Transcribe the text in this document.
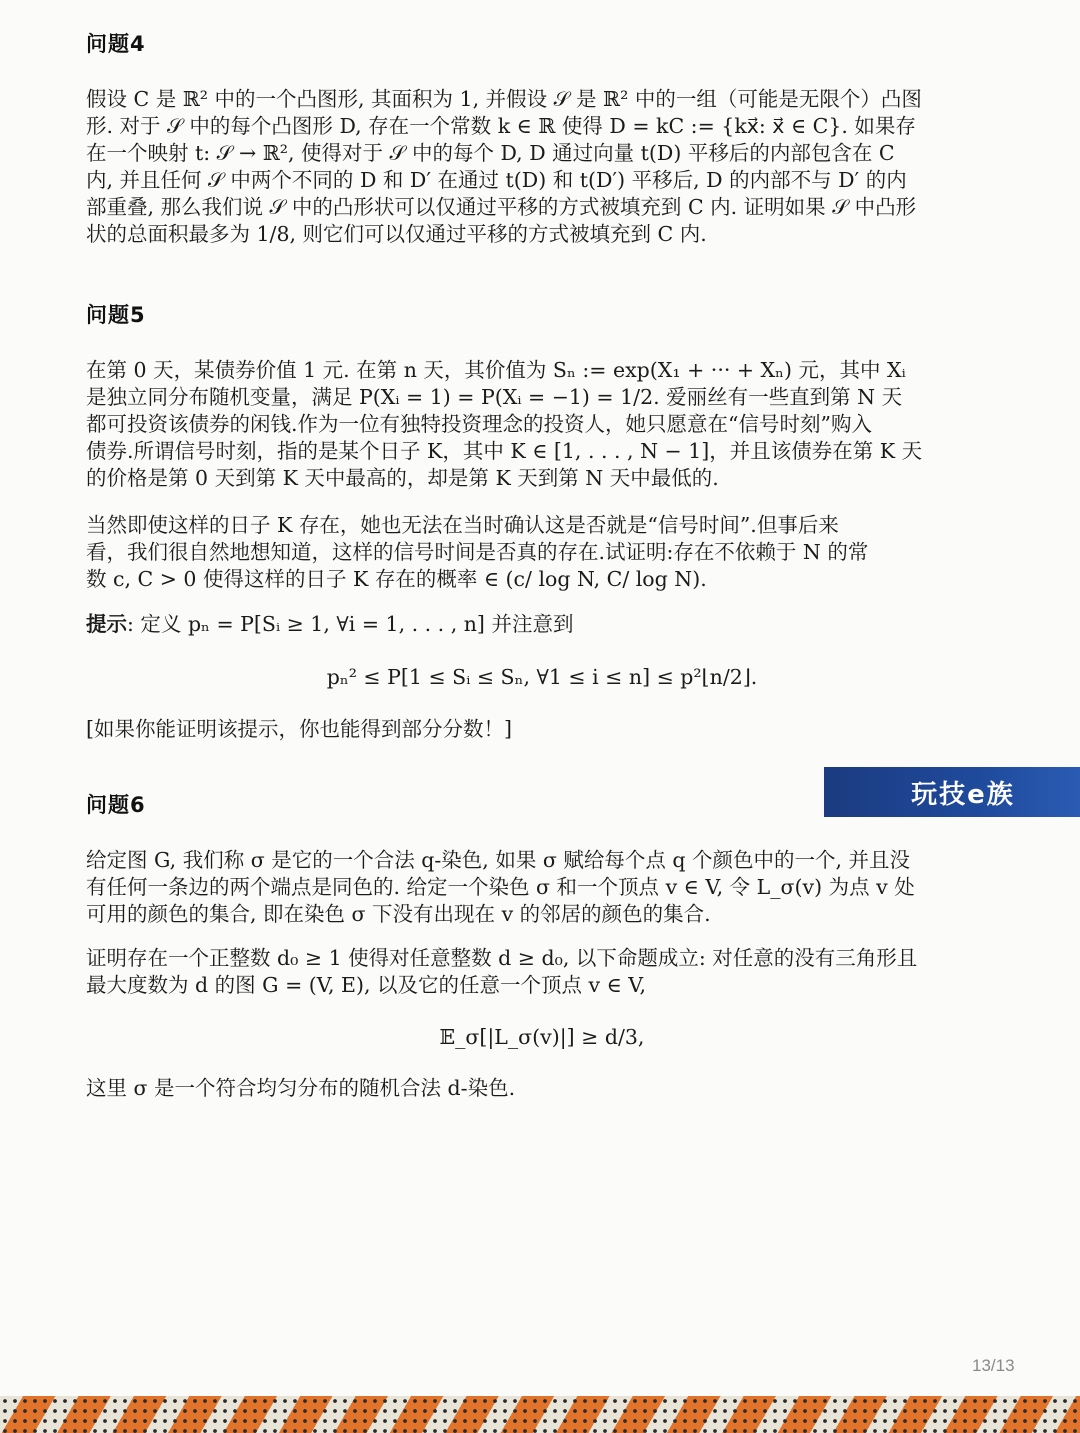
问题4
假设 C 是 ℝ² 中的一个凸图形, 其面积为 1, 并假设 𝒮 是 ℝ² 中的一组（可能是无限个）凸图
形. 对于 𝒮 中的每个凸图形 D, 存在一个常数 k ∈ ℝ 使得 D = kC := {kx⃗: x⃗ ∈ C}. 如果存
在一个映射 t: 𝒮 → ℝ², 使得对于 𝒮 中的每个 D, D 通过向量 t(D) 平移后的内部包含在 C
内, 并且任何 𝒮 中两个不同的 D 和 D′ 在通过 t(D) 和 t(D′) 平移后, D 的内部不与 D′ 的内
部重叠, 那么我们说 𝒮 中的凸形状可以仅通过平移的方式被填充到 C 内. 证明如果 𝒮 中凸形
状的总面积最多为 1/8, 则它们可以仅通过平移的方式被填充到 C 内.
问题5
在第 0 天，某债券价值 1 元. 在第 n 天，其价值为 Sₙ := exp(X₁ + ··· + Xₙ) 元，其中 Xᵢ
是独立同分布随机变量，满足 P(Xᵢ = 1) = P(Xᵢ = −1) = 1/2. 爱丽丝有一些直到第 N 天
都可投资该债券的闲钱.作为一位有独特投资理念的投资人，她只愿意在“信号时刻”购入
债券.所谓信号时刻，指的是某个日子 K，其中 K ∈ [1, . . . , N − 1]，并且该债券在第 K 天
的价格是第 0 天到第 K 天中最高的，却是第 K 天到第 N 天中最低的.
当然即使这样的日子 K 存在，她也无法在当时确认这是否就是“信号时间”.但事后来
看，我们很自然地想知道，这样的信号时间是否真的存在.试证明:存在不依赖于 N 的常
数 c, C > 0 使得这样的日子 K 存在的概率 ∈ (c/ log N, C/ log N).
提示: 定义 pₙ = P[Sᵢ ≥ 1, ∀i = 1, . . . , n] 并注意到
pₙ² ≤ P[1 ≤ Sᵢ ≤ Sₙ, ∀1 ≤ i ≤ n] ≤ p²⌊n/2⌋.
[如果你能证明该提示，你也能得到部分分数！]
问题6
给定图 G, 我们称 σ 是它的一个合法 q-染色, 如果 σ 赋给每个点 q 个颜色中的一个, 并且没
有任何一条边的两个端点是同色的. 给定一个染色 σ 和一个顶点 v ∈ V, 令 L_σ(v) 为点 v 处
可用的颜色的集合, 即在染色 σ 下没有出现在 v 的邻居的颜色的集合.
证明存在一个正整数 d₀ ≥ 1 使得对任意整数 d ≥ d₀, 以下命题成立: 对任意的没有三角形且
最大度数为 d 的图 G = (V, E), 以及它的任意一个顶点 v ∈ V,
𝔼_σ[|L_σ(v)|] ≥ d/3,
这里 σ 是一个符合均匀分布的随机合法 d-染色.
玩技e族
13/13
